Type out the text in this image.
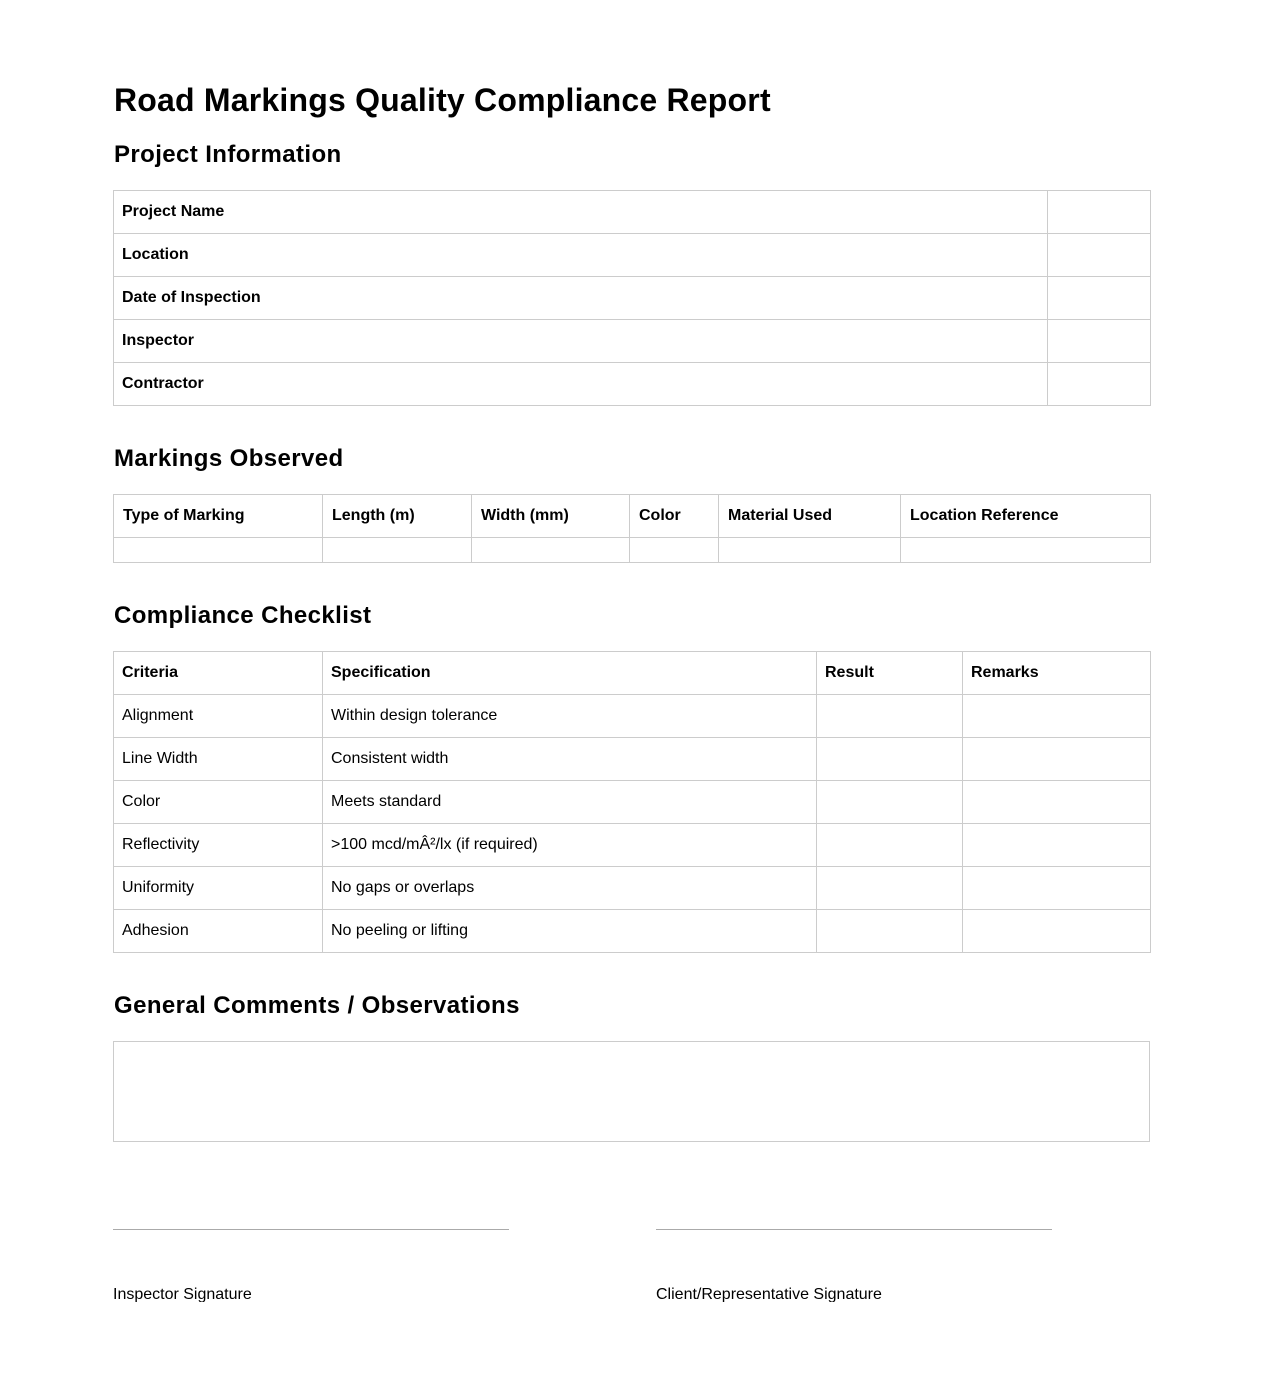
Road Markings Quality Compliance Report
Project Information
Project Name	
Location	
Date of Inspection	
Inspector	
Contractor	
Markings Observed
Type of Marking	Length (m)	Width (mm)	Color	Material Used	Location Reference

Compliance Checklist
Criteria	Specification	Result	Remarks
Alignment	Within design tolerance		
Line Width	Consistent width		
Color	Meets standard		
Reflectivity	>100 mcd/mÂ²/lx (if required)		
Uniformity	No gaps or overlaps		
Adhesion	No peeling or lifting		
General Comments / Observations
Inspector Signature	Client/Representative Signature
